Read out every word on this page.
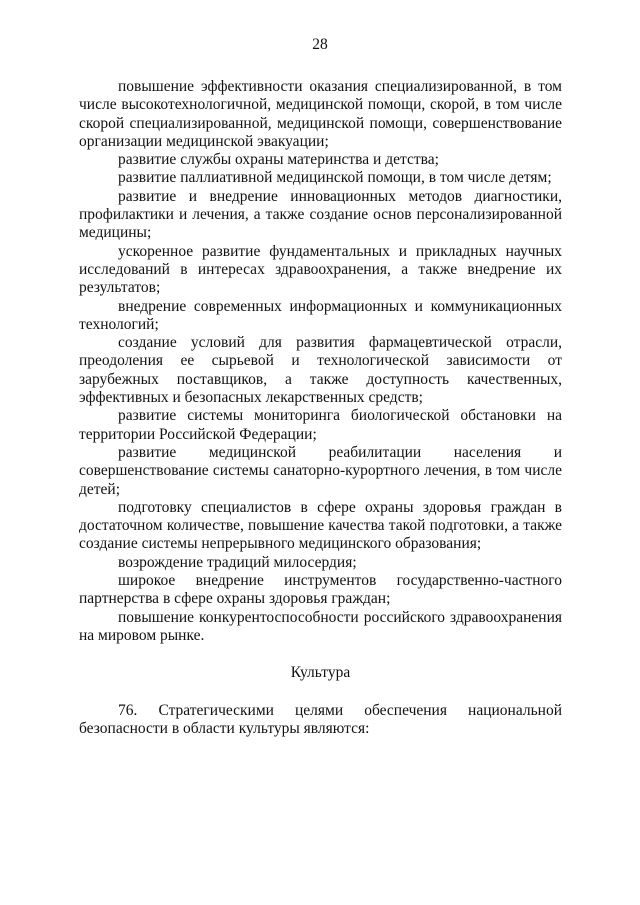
28

повышение эффективности оказания специализированной, в том числе высокотехнологичной, медицинской помощи, скорой, в том числе скорой специализированной, медицинской помощи, совершенствование организации медицинской эвакуации;

развитие службы охраны материнства и детства;

развитие паллиативной медицинской помощи, в том числе детям;

развитие и внедрение инновационных методов диагностики, профилактики и лечения, а также создание основ персонализированной медицины;

ускоренное развитие фундаментальных и прикладных научных исследований в интересах здравоохранения, а также внедрение их результатов;

внедрение современных информационных и коммуникационных технологий;

создание условий для развития фармацевтической отрасли, преодоления ее сырьевой и технологической зависимости от зарубежных поставщиков, а также доступность качественных, эффективных и безопасных лекарственных средств;

развитие системы мониторинга биологической обстановки на территории Российской Федерации;

развитие медицинской реабилитации населения и совершенствование системы санаторно-курортного лечения, в том числе детей;

подготовку специалистов в сфере охраны здоровья граждан в достаточном количестве, повышение качества такой подготовки, а также создание системы непрерывного медицинского образования;

возрождение традиций милосердия;

широкое внедрение инструментов государственно-частного партнерства в сфере охраны здоровья граждан;

повышение конкурентоспособности российского здравоохранения на мировом рынке.

Культура

76. Стратегическими целями обеспечения национальной безопасности в области культуры являются:
